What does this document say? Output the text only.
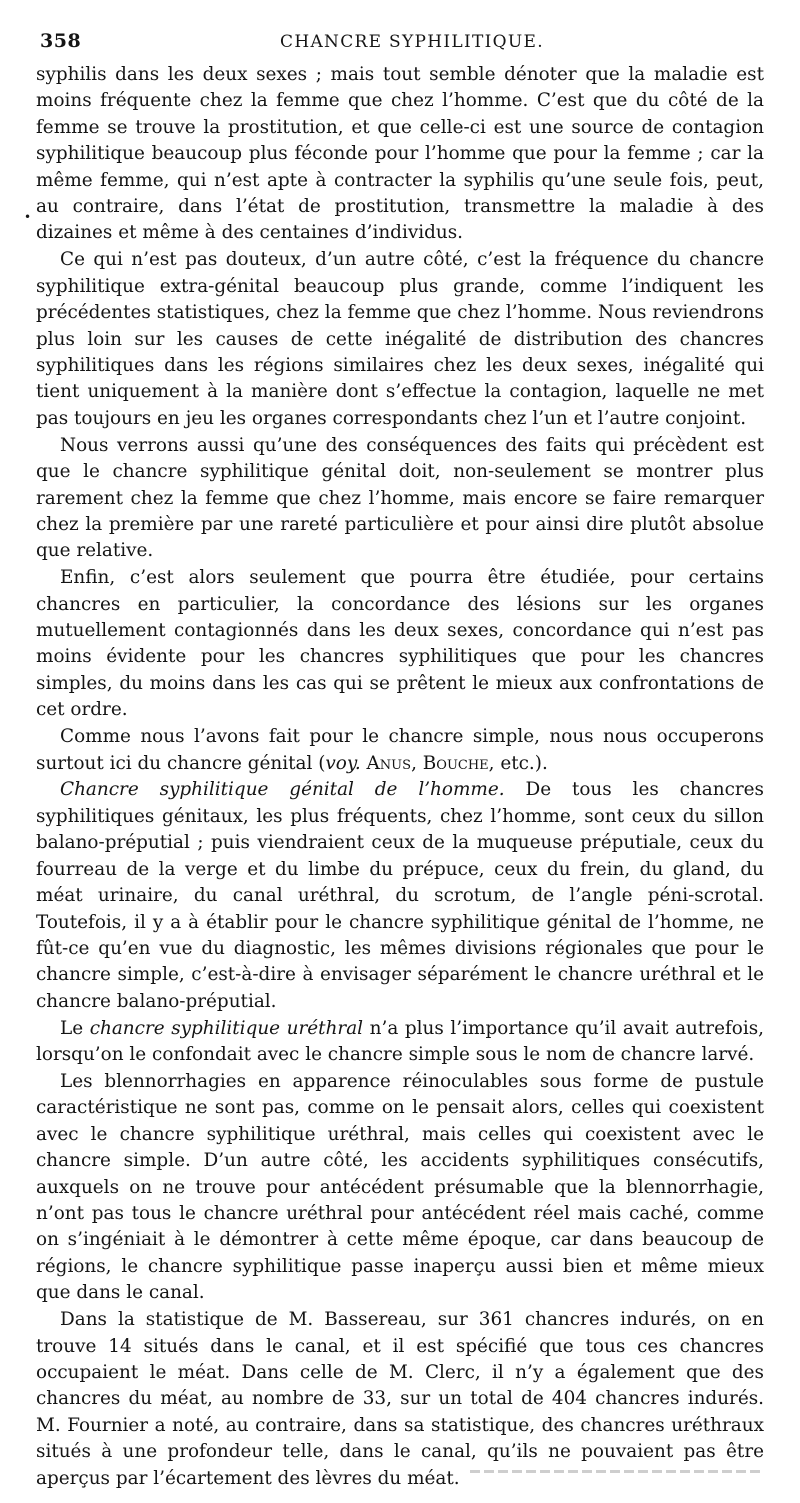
358	CHANCRE SYPHILITIQUE.
•

syphilis dans les deux sexes ; mais tout semble dénoter que la maladie est moins fréquente chez la femme que chez l’homme. C’est que du côté de la femme se trouve la prostitution, et que celle-ci est une source de contagion syphilitique beaucoup plus féconde pour l’homme que pour la femme ; car la même femme, qui n’est apte à contracter la syphilis qu’une seule fois, peut, au contraire, dans l’état de prostitution, transmettre la maladie à des dizaines et même à des centaines d’individus.

Ce qui n’est pas douteux, d’un autre côté, c’est la fréquence du chancre syphilitique extra-génital beaucoup plus grande, comme l’indiquent les précédentes statistiques, chez la femme que chez l’homme. Nous reviendrons plus loin sur les causes de cette inégalité de distribution des chancres syphilitiques dans les régions similaires chez les deux sexes, inégalité qui tient uniquement à la manière dont s’effectue la contagion, laquelle ne met pas toujours en jeu les organes correspondants chez l’un et l’autre conjoint.

Nous verrons aussi qu’une des conséquences des faits qui précèdent est que le chancre syphilitique génital doit, non-seulement se montrer plus rarement chez la femme que chez l’homme, mais encore se faire remarquer chez la première par une rareté particulière et pour ainsi dire plutôt absolue que relative.

Enfin, c’est alors seulement que pourra être étudiée, pour certains chancres en particulier, la concordance des lésions sur les organes mutuellement contagionnés dans les deux sexes, concordance qui n’est pas moins évidente pour les chancres syphilitiques que pour les chancres simples, du moins dans les cas qui se prêtent le mieux aux confrontations de cet ordre.

Comme nous l’avons fait pour le chancre simple, nous nous occuperons surtout ici du chancre génital (voy. Anus, Bouche, etc.).

Chancre syphilitique génital de l’homme. De tous les chancres syphilitiques génitaux, les plus fréquents, chez l’homme, sont ceux du sillon balano-préputial ; puis viendraient ceux de la muqueuse préputiale, ceux du fourreau de la verge et du limbe du prépuce, ceux du frein, du gland, du méat urinaire, du canal uréthral, du scrotum, de l’angle péni-scrotal. Toutefois, il y a à établir pour le chancre syphilitique génital de l’homme, ne fût-ce qu’en vue du diagnostic, les mêmes divisions régionales que pour le chancre simple, c’est-à-dire à envisager séparément le chancre uréthral et le chancre balano-préputial.

Le chancre syphilitique uréthral n’a plus l’importance qu’il avait autrefois, lorsqu’on le confondait avec le chancre simple sous le nom de chancre larvé.

Les blennorrhagies en apparence réinoculables sous forme de pustule caractéristique ne sont pas, comme on le pensait alors, celles qui coexistent avec le chancre syphilitique uréthral, mais celles qui coexistent avec le chancre simple. D’un autre côté, les accidents syphilitiques consécutifs, auxquels on ne trouve pour antécédent présumable que la blennorrhagie, n’ont pas tous le chancre uréthral pour antécédent réel mais caché, comme on s’ingéniait à le démontrer à cette même époque, car dans beaucoup de régions, le chancre syphilitique passe inaperçu aussi bien et même mieux que dans le canal.

Dans la statistique de M. Bassereau, sur 361 chancres indurés, on en trouve 14 situés dans le canal, et il est spécifié que tous ces chancres occupaient le méat. Dans celle de M. Clerc, il n’y a également que des chancres du méat, au nombre de 33, sur un total de 404 chancres indurés. M. Fournier a noté, au contraire, dans sa statistique, des chancres uréthraux situés à une profondeur telle, dans le canal, qu’ils ne pouvaient pas être aperçus par l’écartement des lèvres du méat.
